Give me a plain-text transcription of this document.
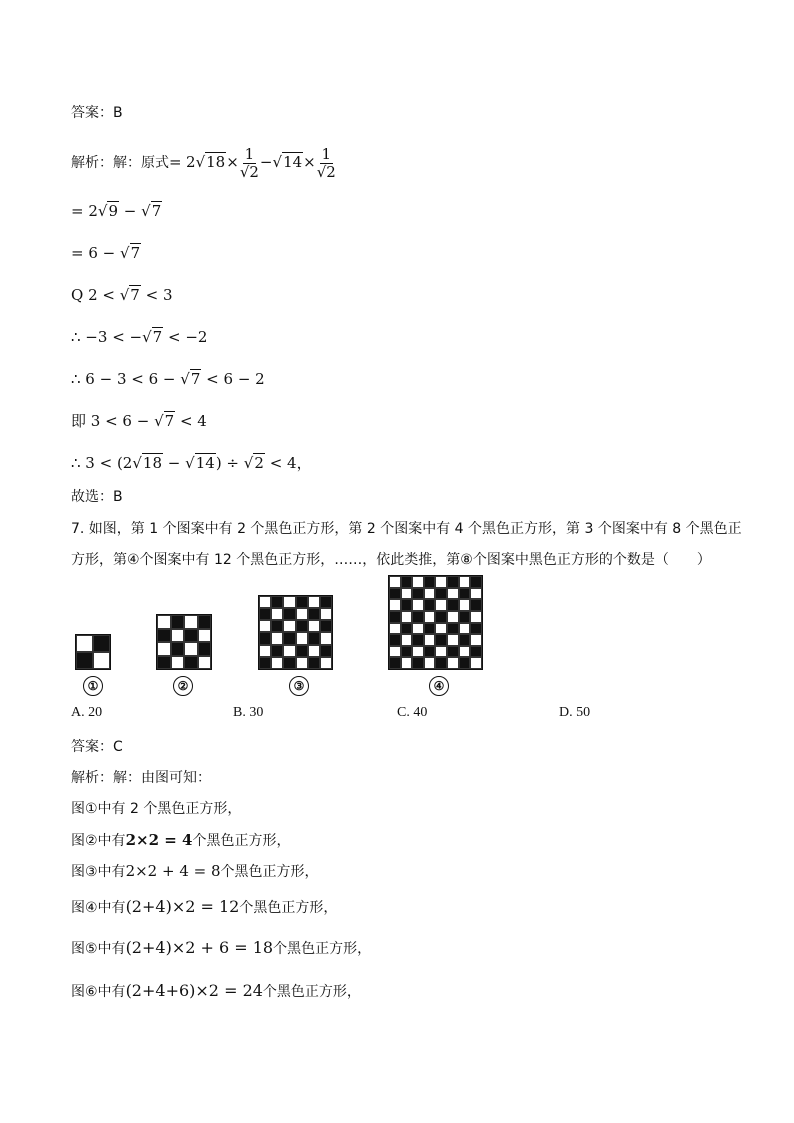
答案：B
解析：解：原式= $2√18\times \frac{1}{√2} -√14\times \frac{1}{√2}$
= 2√9 − √7
= 6 − √7
Q 2 < √7 < 3
∴ −3 < −√7 < −2
∴ 6 − 3 < 6 − √7 < 6 − 2
即 3 < 6 − √7 < 4
∴ 3 < (2√18 − √14) ÷ √2 < 4，
故选：B
7. 如图，第 1 个图案中有 2 个黑色正方形，第 2 个图案中有 4 个黑色正方形，第 3 个图案中有 8 个黑色正
方形，第④个图案中有 12 个黑色正方形，……，依此类推，第⑧个图案中黑色正方形的个数是（　　）
①	②	③	④
A. 20	B. 30	C. 40	D. 50
答案：C
解析：解：由图可知：
图①中有 2 个黑色正方形，
图②中有2×2 = 4个黑色正方形，
图③中有2×2 + 4 = 8个黑色正方形，
图④中有(2+4)×2 = 12个黑色正方形，
图⑤中有(2+4)×2 + 6 = 18个黑色正方形，
图⑥中有(2+4+6)×2 = 24个黑色正方形，
